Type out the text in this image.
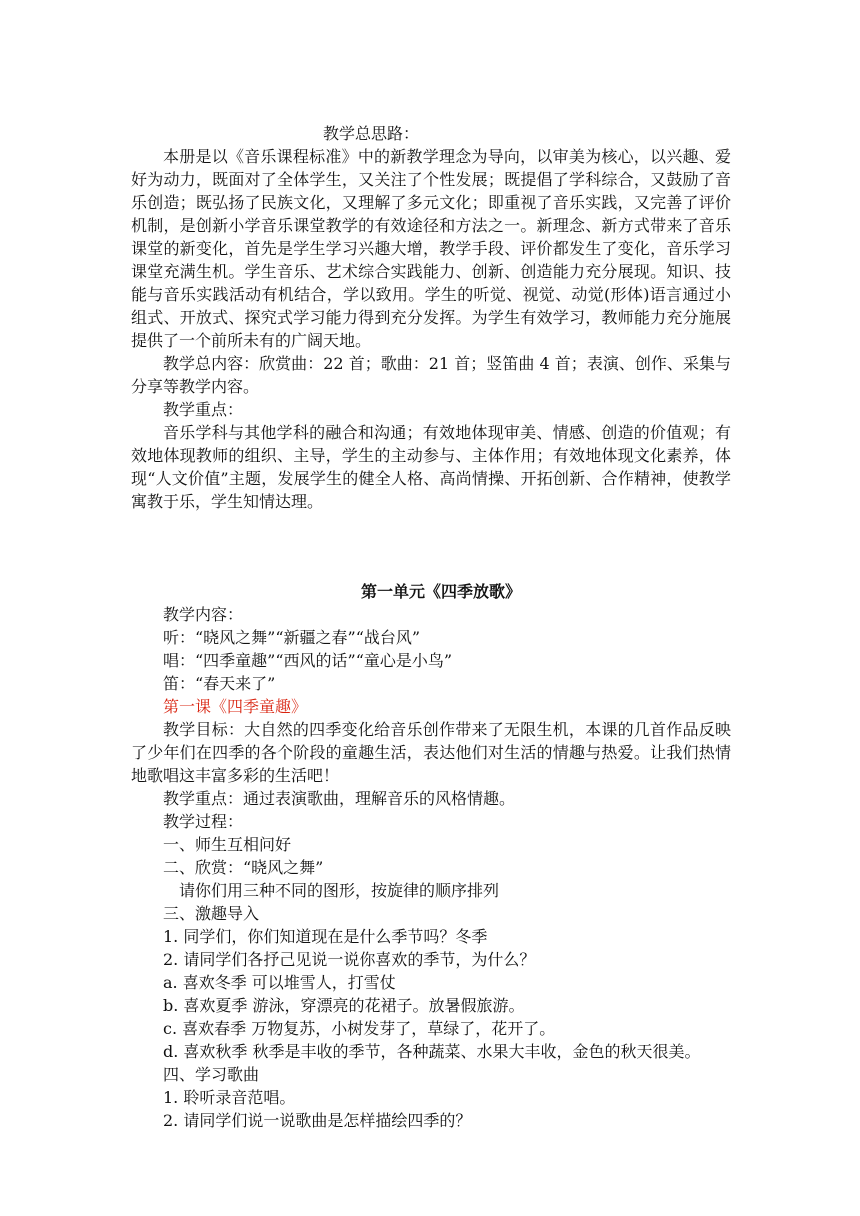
教学总思路：

本册是以《音乐课程标准》中的新教学理念为导向，以审美为核心，以兴趣、爱好为动力，既面对了全体学生，又关注了个性发展；既提倡了学科综合，又鼓励了音乐创造；既弘扬了民族文化，又理解了多元文化；即重视了音乐实践，又完善了评价机制，是创新小学音乐课堂教学的有效途径和方法之一。新理念、新方式带来了音乐课堂的新变化，首先是学生学习兴趣大增，教学手段、评价都发生了变化，音乐学习课堂充满生机。学生音乐、艺术综合实践能力、创新、创造能力充分展现。知识、技能与音乐实践活动有机结合，学以致用。学生的听觉、视觉、动觉(形体)语言通过小组式、开放式、探究式学习能力得到充分发挥。为学生有效学习，教师能力充分施展提供了一个前所未有的广阔天地。

教学总内容：欣赏曲：22 首；歌曲：21 首；竖笛曲 4 首；表演、创作、采集与分享等教学内容。

教学重点：

音乐学科与其他学科的融合和沟通；有效地体现审美、情感、创造的价值观；有效地体现教师的组织、主导，学生的主动参与、主体作用；有效地体现文化素养，体现“人文价值”主题，发展学生的健全人格、高尚情操、开拓创新、合作精神，使教学寓教于乐，学生知情达理。

第一单元《四季放歌》

教学内容：

听：“晓风之舞”“新疆之春”“战台风”

唱：“四季童趣”“西风的话”“童心是小鸟”

笛：“春天来了”

第一课《四季童趣》

教学目标：大自然的四季变化给音乐创作带来了无限生机，本课的几首作品反映了少年们在四季的各个阶段的童趣生活，表达他们对生活的情趣与热爱。让我们热情地歌唱这丰富多彩的生活吧！

教学重点：通过表演歌曲，理解音乐的风格情趣。

教学过程：

一、师生互相问好

二、欣赏：“晓风之舞”

请你们用三种不同的图形，按旋律的顺序排列

三、激趣导入

1. 同学们，你们知道现在是什么季节吗？冬季

2. 请同学们各抒己见说一说你喜欢的季节，为什么？

a. 喜欢冬季 可以堆雪人，打雪仗

b. 喜欢夏季 游泳，穿漂亮的花裙子。放暑假旅游。

c. 喜欢春季 万物复苏，小树发芽了，草绿了，花开了。

d. 喜欢秋季 秋季是丰收的季节，各种蔬菜、水果大丰收，金色的秋天很美。

四、学习歌曲

1. 聆听录音范唱。

2. 请同学们说一说歌曲是怎样描绘四季的？
